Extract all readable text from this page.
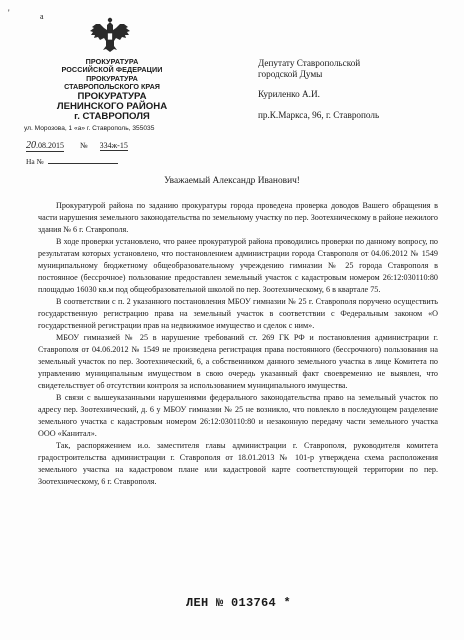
'	a
ПРОКУРАТУРА
РОССИЙСКОЙ ФЕДЕРАЦИИ
ПРОКУРАТУРА
СТАВРОПОЛЬСКОГО КРАЯ
ПРОКУРАТУРА
ЛЕНИНСКОГО РАЙОНА
г. СТАВРОПОЛЯ
ул. Морозова, 1 «а» г. Ставрополь, 355035
20.08.2015 № 334ж-15
На №
Депутату Ставропольской
городской Думы
Куриленко А.И.
пр.К.Маркса, 96, г. Ставрополь
Уважаемый Александр Иванович!

Прокуратурой района по заданию прокуратуры города проведена проверка доводов Вашего обращения в части нарушения земельного законодательства по земельному участку по пер. Зоотехническому в районе нежилого здания № 6 г. Ставрополя.

В ходе проверки установлено, что ранее прокуратурой района проводились проверки по данному вопросу, по результатам которых установлено, что постановлением администрации города Ставрополя от 04.06.2012 № 1549 муниципальному бюджетному общеобразовательному учреждению гимназии № 25 города Ставрополя в постоянное (бессрочное) пользование предоставлен земельный участок с кадастровым номером 26:12:030110:80 площадью 16030 кв.м под общеобразовательной школой по пер. Зоотехническому, 6 в квартале 75.

В соответствии с п. 2 указанного постановления МБОУ гимназии № 25 г. Ставрополя поручено осуществить государственную регистрацию права на земельный участок в соответствии с Федеральным законом «О государственной регистрации прав на недвижимое имущество и сделок с ним».

МБОУ гимназией № 25 в нарушение требований ст. 269 ГК РФ и постановления администрации г. Ставрополя от 04.06.2012 № 1549 не произведена регистрация права постоянного (бессрочного) пользования на земельный участок по пер. Зоотехнический, 6, а собственником данного земельного участка в лице Комитета по управлению муниципальным имуществом в свою очередь указанный факт своевременно не выявлен, что свидетельствует об отсутствии контроля за использованием муниципального имущества.

В связи с вышеуказанными нарушениями федерального законодательства право на земельный участок по адресу пер. Зоотехнический, д. 6 у МБОУ гимназии № 25 не возникло, что повлекло в последующем разделение земельного участка с кадастровым номером 26:12:030110:80 и незаконную передачу части земельного участка ООО «Канитал».

Так, распоряжением и.о. заместителя главы администрации г. Ставрополя, руководителя комитета градостроительства администрации г. Ставрополя от 18.01.2013 № 101-р утверждена схема расположения земельного участка на кадастровом плане или кадастровой карте соответствующей территории по пер. Зоотехническому, 6 г. Ставрополя.

ЛЕН № 013764 *
